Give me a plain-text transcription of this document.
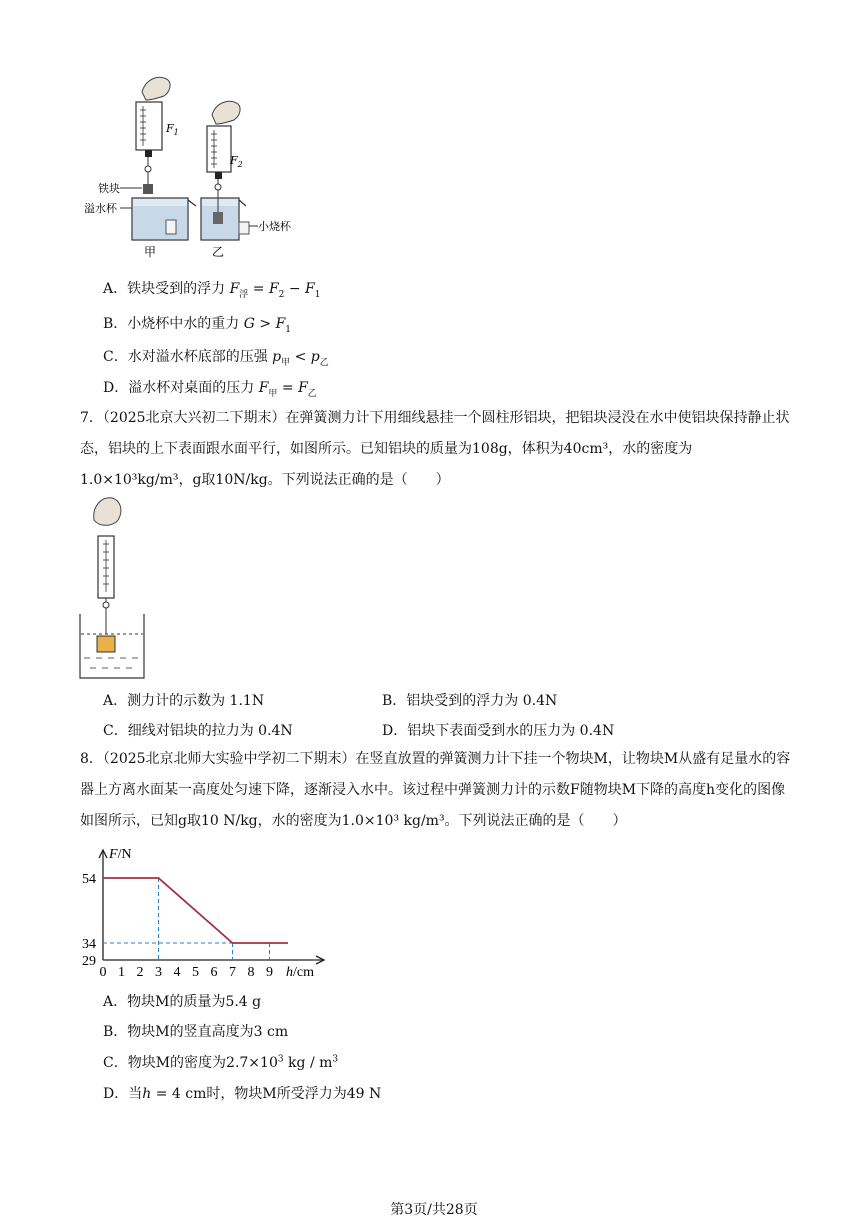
$F_1$
铁块
溢水杯
甲
$F_2$
小烧杯
乙
A．铁块受到的浮力 $F_浮 = F_2 - F_1$
B．小烧杯中水的重力 $G > F_1$
C．水对溢水杯底部的压强 $p_甲 < p_乙$
D．溢水杯对桌面的压力 $F_甲 = F_乙$
7．（2025北京大兴初二下期末）在弹簧测力计下用细线悬挂一个圆柱形铝块，把铝块浸没在水中使铝块保持静止状态，铝块的上下表面跟水面平行，如图所示。已知铝块的质量为108g，体积为40cm³，水的密度为1.0×10³kg/m³，g取10N/kg。下列说法正确的是（　　）
A．测力计的示数为 1.1N	B．铝块受到的浮力为 0.4N
C．细线对铝块的拉力为 0.4N	D．铝块下表面受到水的压力为 0.4N
8．（2025北京北师大实验中学初二下期末）在竖直放置的弹簧测力计下挂一个物块M，让物块M从盛有足量水的容器上方离水面某一高度处匀速下降，逐渐浸入水中。该过程中弹簧测力计的示数F随物块M下降的高度h变化的图像如图所示，已知g取10 N/kg，水的密度为1.0×10³ kg/m³。下列说法正确的是（　　）
F/N
h/cm
0 1 2 3 4 5 6 7 8 9
29
34
54
A．物块M的质量为5.4 g
B．物块M的竖直高度为3 cm
C．物块M的密度为$2.7\times 10^3$ kg / $m^3$
D．当h = 4 cm时，物块M所受浮力为49 N
第3页/共28页
